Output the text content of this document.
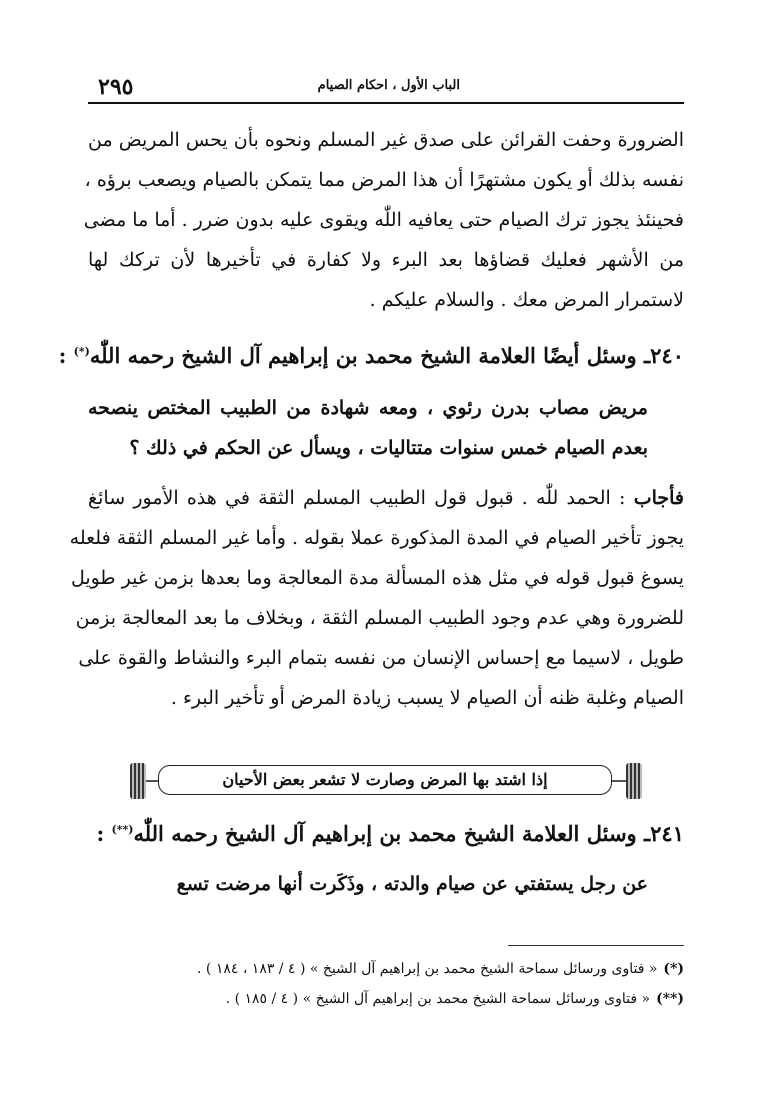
٢٩٥	الباب الأول ، احكام الصيام
الضرورة وحفت القرائن على صدق غير المسلم ونحوه بأن يحس المريض من
نفسه بذلك أو يكون مشتهرًا أن هذا المرض مما يتمكن بالصيام ويصعب برؤه ،
فحينئذ يجوز ترك الصيام حتى يعافيه اللّٰه ويقوى عليه بدون ضرر . أما ما مضى
من الأشهر فعليك قضاؤها بعد البرء ولا كفارة في تأخيرها لأن تركك لها
لاستمرار المرض معك . والسلام عليكم .
٢٤٠ـ وسئل أيضًا العلامة الشيخ محمد بن إبراهيم آل الشيخ رحمه اللّٰه(*) :
مريض مصاب بدرن رئوي ، ومعه شهادة من الطبيب المختص ينصحه
بعدم الصيام خمس سنوات متتاليات ، ويسأل عن الحكم في ذلك ؟
فأجاب : الحمد للّٰه . قبول قول الطبيب المسلم الثقة في هذه الأمور سائغ
يجوز تأخير الصيام في المدة المذكورة عملا بقوله . وأما غير المسلم الثقة فلعله
يسوغ قبول قوله في مثل هذه المسألة مدة المعالجة وما بعدها بزمن غير طويل
للضرورة وهي عدم وجود الطبيب المسلم الثقة ، وبخلاف ما بعد المعالجة بزمن
طويل ، لاسيما مع إحساس الإنسان من نفسه بتمام البرء والنشاط والقوة على
الصيام وغلبة ظنه أن الصيام لا يسبب زيادة المرض أو تأخير البرء .
٢٤١ـ وسئل العلامة الشيخ محمد بن إبراهيم آل الشيخ رحمه اللّٰه(**) :
عن رجل يستفتي عن صيام والدته ، وذَكَرت أنها مرضت تسع
إذا اشتد بها المرض وصارت لا تشعر بعض الأحيان
(*)« فتاوى ورسائل سماحة الشيخ محمد بن إبراهيم آل الشيخ » ( ٤ / ١٨٣ ، ١٨٤ ) .
(**)« فتاوى ورسائل سماحة الشيخ محمد بن إبراهيم آل الشيخ » ( ٤ / ١٨٥ ) .
